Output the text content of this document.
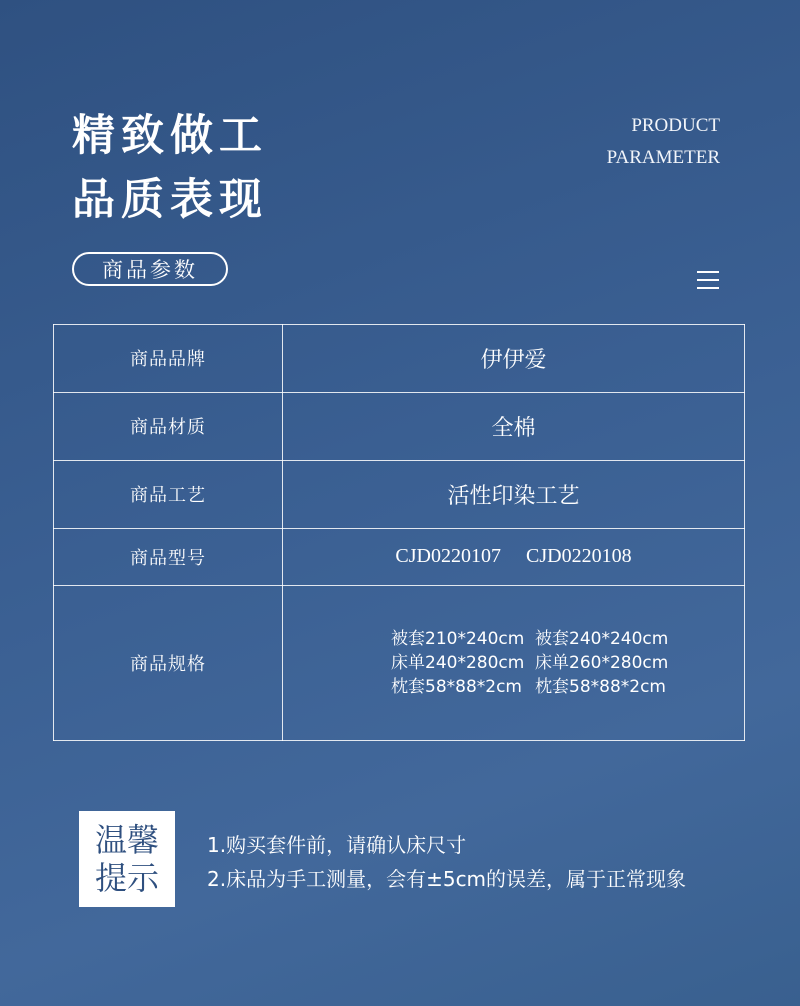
精致做工
品质表现
PRODUCT
PARAMETER
商品参数
商品品牌	伊伊爱
商品材质	全棉
商品工艺	活性印染工艺
商品型号	CJD0220107 CJD0220108
商品规格	被套210*240cm 被套240*240cm
床单240*280cm 床单260*280cm
枕套58*88*2cm 枕套58*88*2cm
温馨
提示
1.购买套件前，请确认床尺寸
2.床品为手工测量，会有±5cm的误差，属于正常现象
